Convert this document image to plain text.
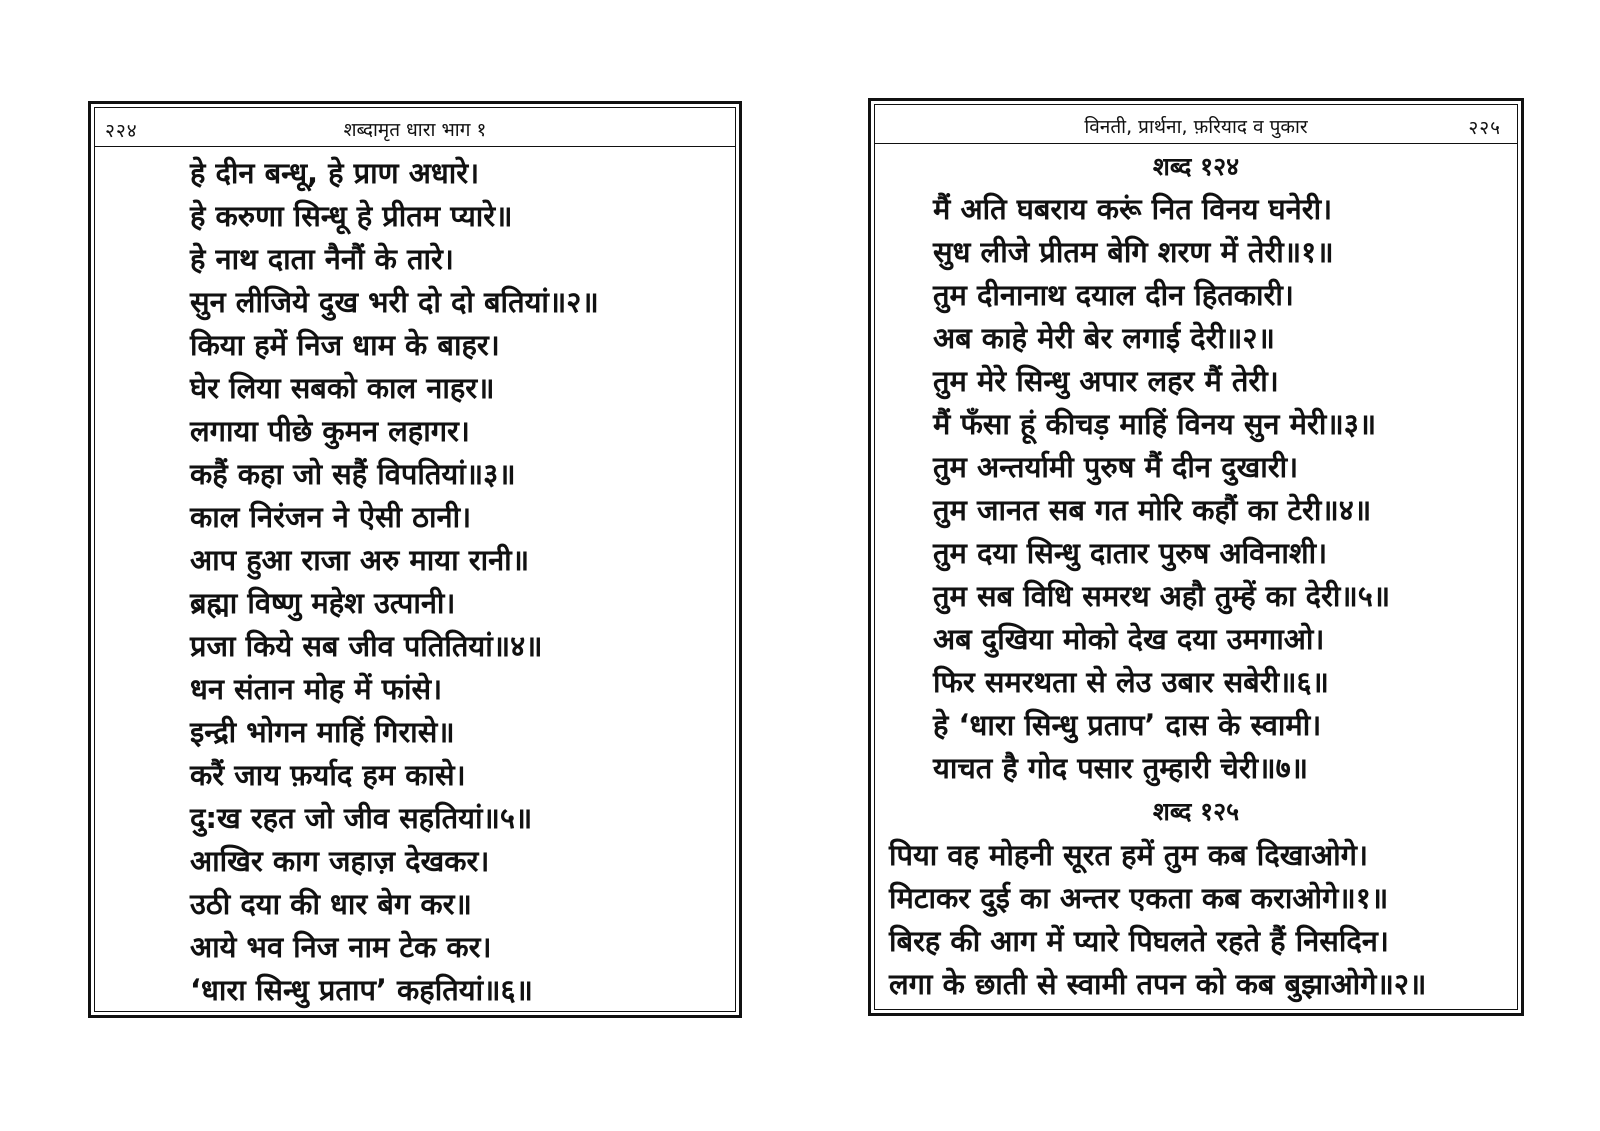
२२४	शब्दामृत धारा भाग १
हे दीन बन्धू, हे प्राण अधारे।
हे करुणा सिन्धू हे प्रीतम प्यारे॥
हे नाथ दाता नैनौं के तारे।
सुन लीजिये दुख भरी दो दो बतियां॥२॥
किया हमें निज धाम के बाहर।
घेर लिया सबको काल नाहर॥
लगाया पीछे कुमन लहागर।
कहैं कहा जो सहैं विपतियां॥३॥
काल निरंजन ने ऐसी ठानी।
आप हुआ राजा अरु माया रानी॥
ब्रह्मा विष्णु महेश उत्पानी।
प्रजा किये सब जीव पतितियां॥४॥
धन संतान मोह में फांसे।
इन्द्री भोगन माहिं गिरासे॥
करैं जाय फ़र्याद हम कासे।
दु:ख रहत जो जीव सहतियां॥५॥
आखिर काग जहाज़ देखकर।
उठी दया की धार बेग कर॥
आये भव निज नाम टेक कर।
‘धारा सिन्धु प्रताप’ कहतियां॥६॥
विनती, प्रार्थना, फ़रियाद व पुकार	२२५
शब्द १२४
मैं अति घबराय करूं नित विनय घनेरी।
सुध लीजे प्रीतम बेगि शरण में तेरी॥१॥
तुम दीनानाथ दयाल दीन हितकारी।
अब काहे मेरी बेर लगाई देरी॥२॥
तुम मेरे सिन्धु अपार लहर मैं तेरी।
मैं फँसा हूं कीचड़ माहिं विनय सुन मेरी॥३॥
तुम अन्तर्यामी पुरुष मैं दीन दुखारी।
तुम जानत सब गत मोरि कहौं का टेरी॥४॥
तुम दया सिन्धु दातार पुरुष अविनाशी।
तुम सब विधि समरथ अहौ तुम्हें का देरी॥५॥
अब दुखिया मोको देख दया उमगाओ।
फिर समरथता से लेउ उबार सबेरी॥६॥
हे ‘धारा सिन्धु प्रताप’ दास के स्वामी।
याचत है गोद पसार तुम्हारी चेरी॥७॥
शब्द १२५
पिया वह मोहनी सूरत हमें तुम कब दिखाओगे।
मिटाकर दुई का अन्तर एकता कब कराओगे॥१॥
बिरह की आग में प्यारे पिघलते रहते हैं निसदिन।
लगा के छाती से स्वामी तपन को कब बुझाओगे॥२॥
